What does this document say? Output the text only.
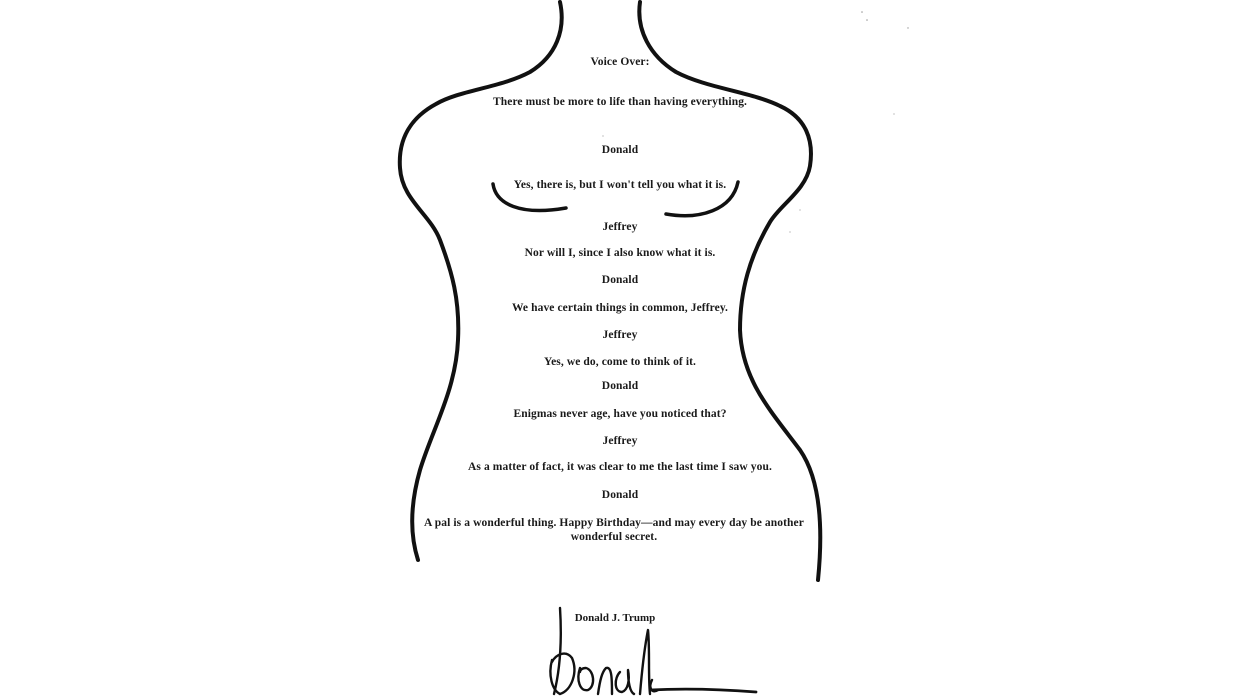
Voice Over:
There must be more to life than having everything.
Donald
Yes, there is, but I won't tell you what it is.
Jeffrey
Nor will I, since I also know what it is.
Donald
We have certain things in common, Jeffrey.
Jeffrey
Yes, we do, come to think of it.
Donald
Enigmas never age, have you noticed that?
Jeffrey
As a matter of fact, it was clear to me the last time I saw you.
Donald
A pal is a wonderful thing. Happy Birthday—and may every day be another wonderful secret.
Donald J. Trump
